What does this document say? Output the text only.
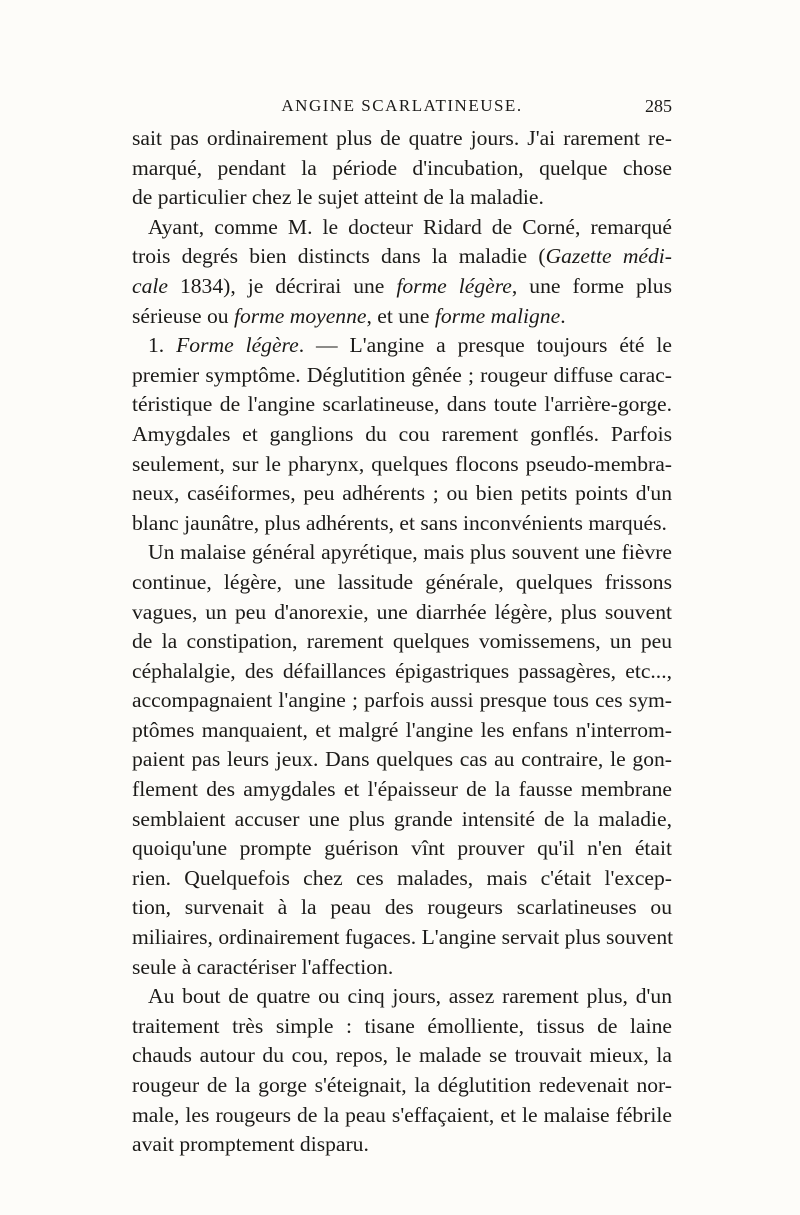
ANGINE SCARLATINEUSE.	285
sait pas ordinairement plus de quatre jours. J'ai rarement re-
marqué, pendant la période d'incubation, quelque chose
de particulier chez le sujet atteint de la maladie.
Ayant, comme M. le docteur Ridard de Corné, remarqué
trois degrés bien distincts dans la maladie (Gazette médi-
cale 1834), je décrirai une forme légère, une forme plus
sérieuse ou forme moyenne, et une forme maligne.
1. Forme légère. — L'angine a presque toujours été le
premier symptôme. Déglutition gênée ; rougeur diffuse carac-
téristique de l'angine scarlatineuse, dans toute l'arrière-gorge.
Amygdales et ganglions du cou rarement gonflés. Parfois
seulement, sur le pharynx, quelques flocons pseudo-membra-
neux, caséiformes, peu adhérents ; ou bien petits points d'un
blanc jaunâtre, plus adhérents, et sans inconvénients marqués.
Un malaise général apyrétique, mais plus souvent une fièvre
continue, légère, une lassitude générale, quelques frissons
vagues, un peu d'anorexie, une diarrhée légère, plus souvent
de la constipation, rarement quelques vomissemens, un peu
céphalalgie, des défaillances épigastriques passagères, etc...,
accompagnaient l'angine ; parfois aussi presque tous ces sym-
ptômes manquaient, et malgré l'angine les enfans n'interrom-
paient pas leurs jeux. Dans quelques cas au contraire, le gon-
flement des amygdales et l'épaisseur de la fausse membrane
semblaient accuser une plus grande intensité de la maladie,
quoiqu'une prompte guérison vînt prouver qu'il n'en était
rien. Quelquefois chez ces malades, mais c'était l'excep-
tion, survenait à la peau des rougeurs scarlatineuses ou
miliaires, ordinairement fugaces. L'angine servait plus souvent
seule à caractériser l'affection.
Au bout de quatre ou cinq jours, assez rarement plus, d'un
traitement très simple : tisane émolliente, tissus de laine
chauds autour du cou, repos, le malade se trouvait mieux, la
rougeur de la gorge s'éteignait, la déglutition redevenait nor-
male, les rougeurs de la peau s'effaçaient, et le malaise fébrile
avait promptement disparu.
